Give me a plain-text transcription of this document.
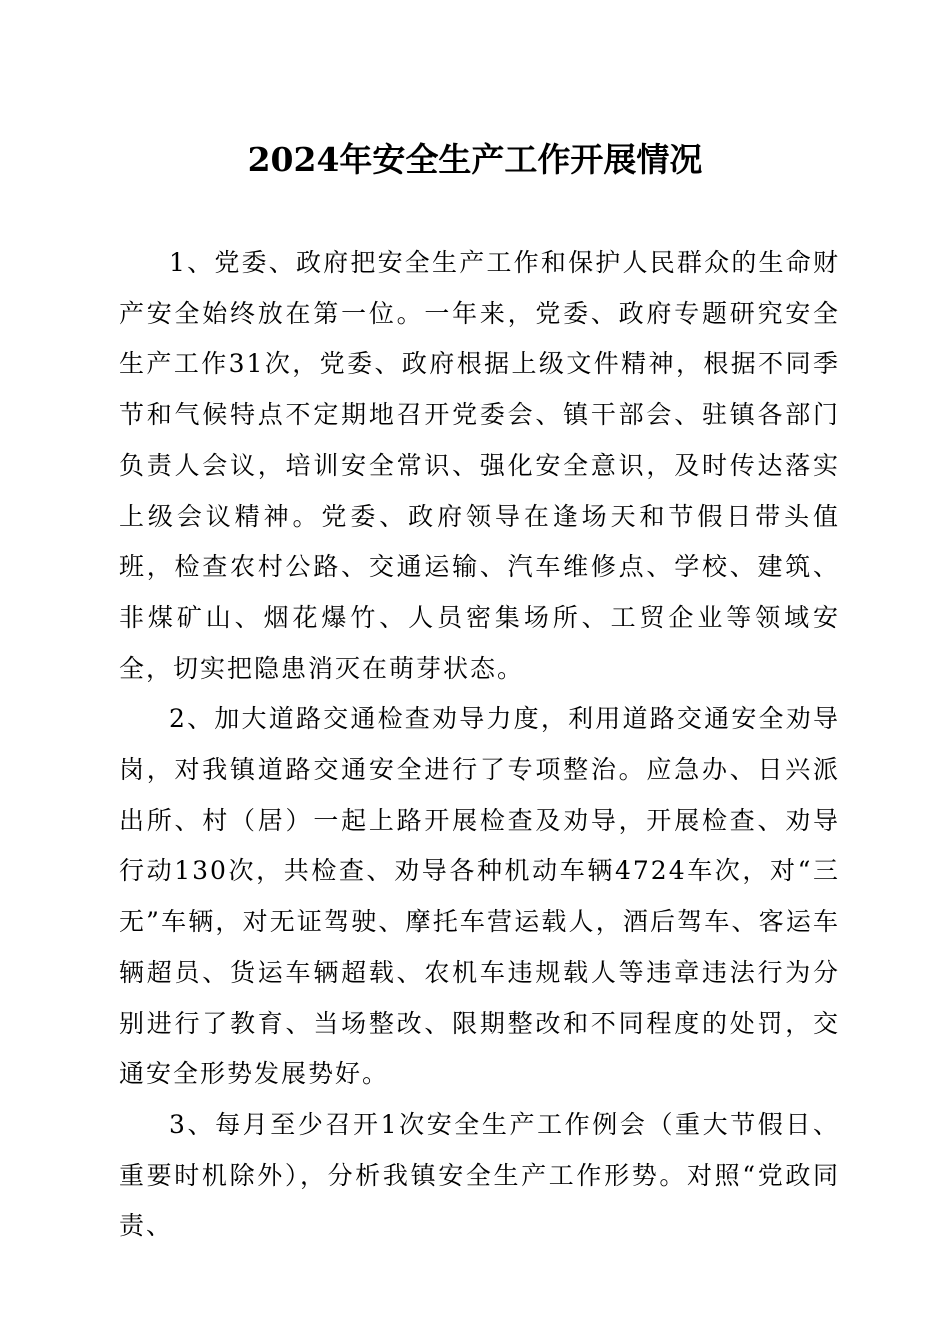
2024年安全生产工作开展情况

1、党委、政府把安全生产工作和保护人民群众的生命财产安全始终放在第一位。一年来，党委、政府专题研究安全生产工作31次，党委、政府根据上级文件精神，根据不同季节和气候特点不定期地召开党委会、镇干部会、驻镇各部门负责人会议，培训安全常识、强化安全意识，及时传达落实上级会议精神。党委、政府领导在逢场天和节假日带头值班，检查农村公路、交通运输、汽车维修点、学校、建筑、非煤矿山、烟花爆竹、人员密集场所、工贸企业等领域安全，切实把隐患消灭在萌芽状态。

2、加大道路交通检查劝导力度，利用道路交通安全劝导岗，对我镇道路交通安全进行了专项整治。应急办、日兴派出所、村（居）一起上路开展检查及劝导，开展检查、劝导行动130次，共检查、劝导各种机动车辆4724车次，对“三无”车辆，对无证驾驶、摩托车营运载人，酒后驾车、客运车辆超员、货运车辆超载、农机车违规载人等违章违法行为分别进行了教育、当场整改、限期整改和不同程度的处罚，交通安全形势发展势好。

3、每月至少召开1次安全生产工作例会（重大节假日、重要时机除外），分析我镇安全生产工作形势。对照“党政同责、
